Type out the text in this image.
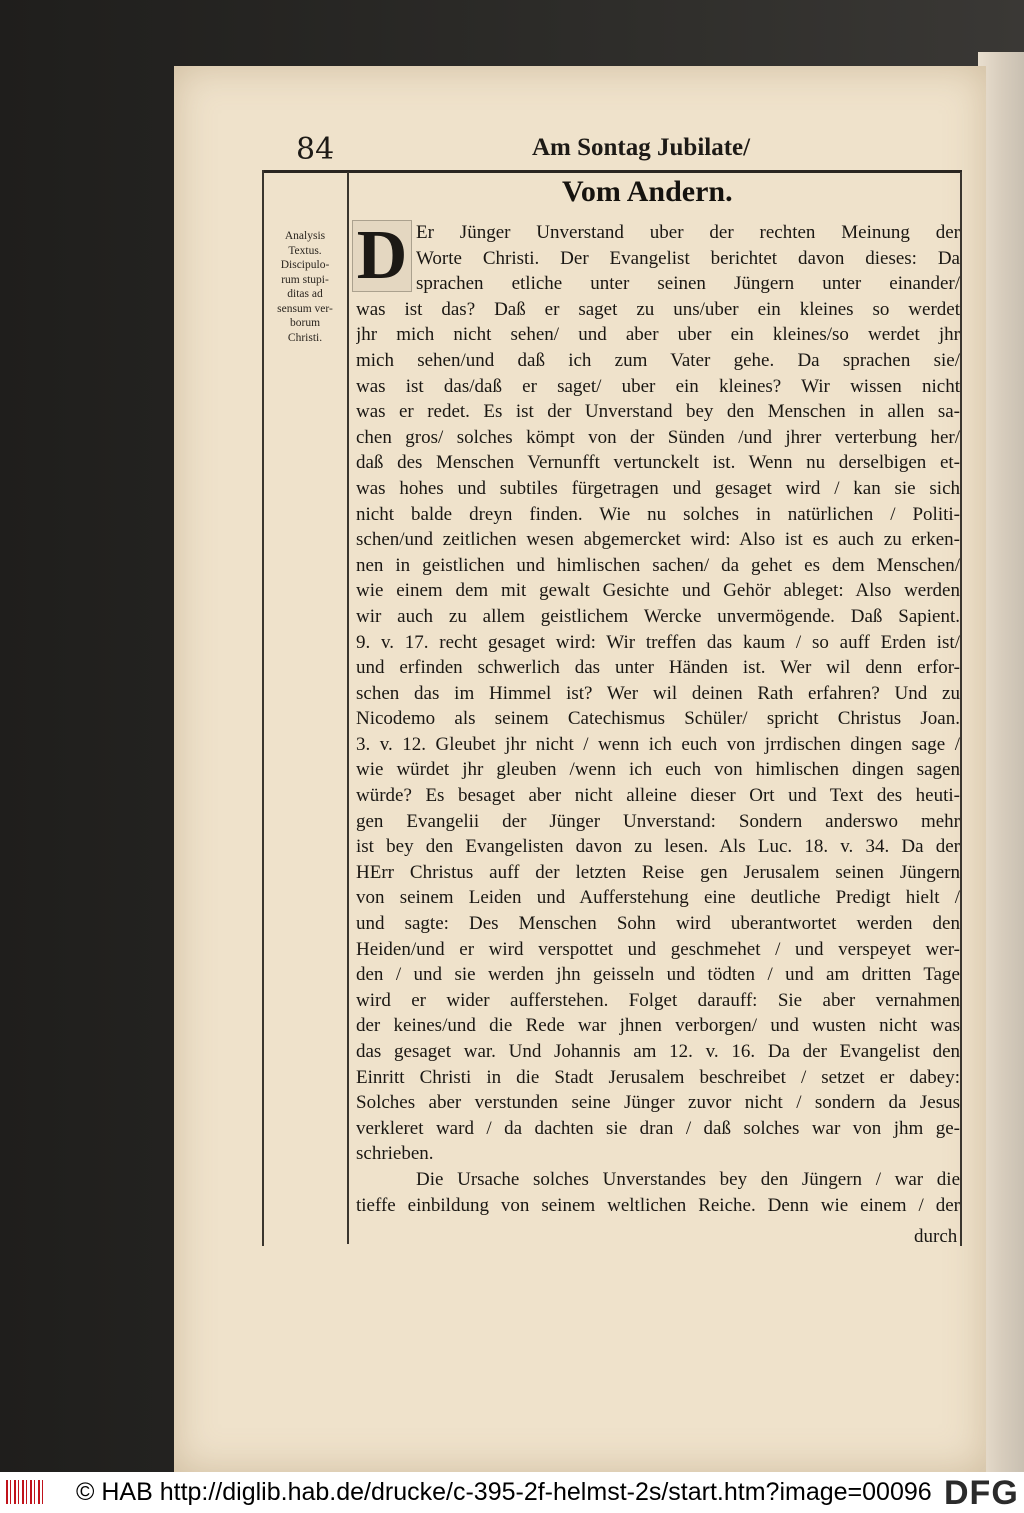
84	Am Sontag Jubilate/
Vom Andern.
Analysis
Textus.
Discipulo-
rum stupi-
ditas ad
sensum ver-
borum
Christi.
D Er Jünger Unverstand uber der rechten Meinung der
Worte Christi. Der Evangelist berichtet davon dieses: Da
sprachen etliche unter seinen Jüngern unter einander/
was ist das? Daß er saget zu uns/uber ein kleines so werdet
jhr mich nicht sehen/ und aber uber ein kleines/so werdet jhr
mich sehen/und daß ich zum Vater gehe. Da sprachen sie/
was ist das/daß er saget/ uber ein kleines? Wir wissen nicht
was er redet. Es ist der Unverstand bey den Menschen in allen sa-
chen gros/ solches kömpt von der Sünden /und jhrer verterbung her/
daß des Menschen Vernunfft vertunckelt ist. Wenn nu derselbigen et-
was hohes und subtiles fürgetragen und gesaget wird / kan sie sich
nicht balde dreyn finden. Wie nu solches in natürlichen / Politi-
schen/und zeitlichen wesen abgemercket wird: Also ist es auch zu erken-
nen in geistlichen und himlischen sachen/ da gehet es dem Menschen/
wie einem dem mit gewalt Gesichte und Gehör ableget: Also werden
wir auch zu allem geistlichem Wercke unvermögende. Daß Sapient.
9. v. 17. recht gesaget wird: Wir treffen das kaum / so auff Erden ist/
und erfinden schwerlich das unter Händen ist. Wer wil denn erfor-
schen das im Himmel ist? Wer wil deinen Rath erfahren? Und zu
Nicodemo als seinem Catechismus Schüler/ spricht Christus Joan.
3. v. 12. Gleubet jhr nicht / wenn ich euch von jrrdischen dingen sage /
wie würdet jhr gleuben /wenn ich euch von himlischen dingen sagen
würde? Es besaget aber nicht alleine dieser Ort und Text des heuti-
gen Evangelii der Jünger Unverstand: Sondern anderswo mehr
ist bey den Evangelisten davon zu lesen. Als Luc. 18. v. 34. Da der
HErr Christus auff der letzten Reise gen Jerusalem seinen Jüngern
von seinem Leiden und Aufferstehung eine deutliche Predigt hielt /
und sagte: Des Menschen Sohn wird uberantwortet werden den
Heiden/und er wird verspottet und geschmehet / und verspeyet wer-
den / und sie werden jhn geisseln und tödten / und am dritten Tage
wird er wider aufferstehen. Folget darauff: Sie aber vernahmen
der keines/und die Rede war jhnen verborgen/ und wusten nicht was
das gesaget war. Und Johannis am 12. v. 16. Da der Evangelist den
Einritt Christi in die Stadt Jerusalem beschreibet / setzet er dabey:
Solches aber verstunden seine Jünger zuvor nicht / sondern da Jesus
verkleret ward / da dachten sie dran / daß solches war von jhm ge-
schrieben.
Die Ursache solches Unverstandes bey den Jüngern / war die
tieffe einbildung von seinem weltlichen Reiche. Denn wie einem / der
durch
© HAB http://diglib.hab.de/drucke/c-395-2f-helmst-2s/start.htm?image=00096 DFG
